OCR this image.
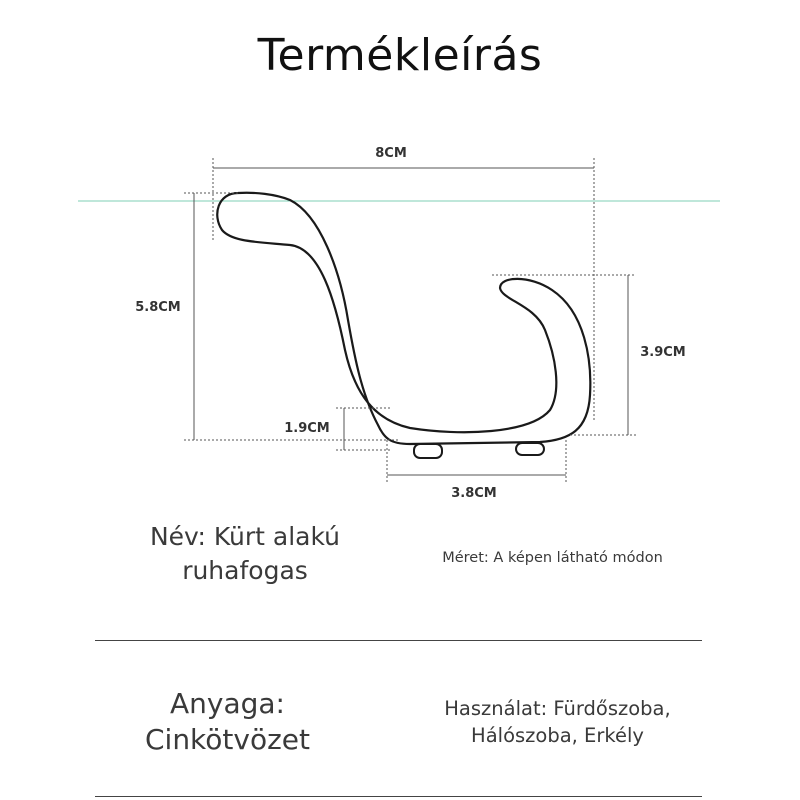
Termékleírás
8CM
5.8CM
3.9CM
1.9CM
3.8CM
Név: Kürt alakú ruhafogas	Méret: A képen látható módon
Anyaga: Cinkötvözet
Használat: Fürdőszoba, Hálószoba, Erkély
